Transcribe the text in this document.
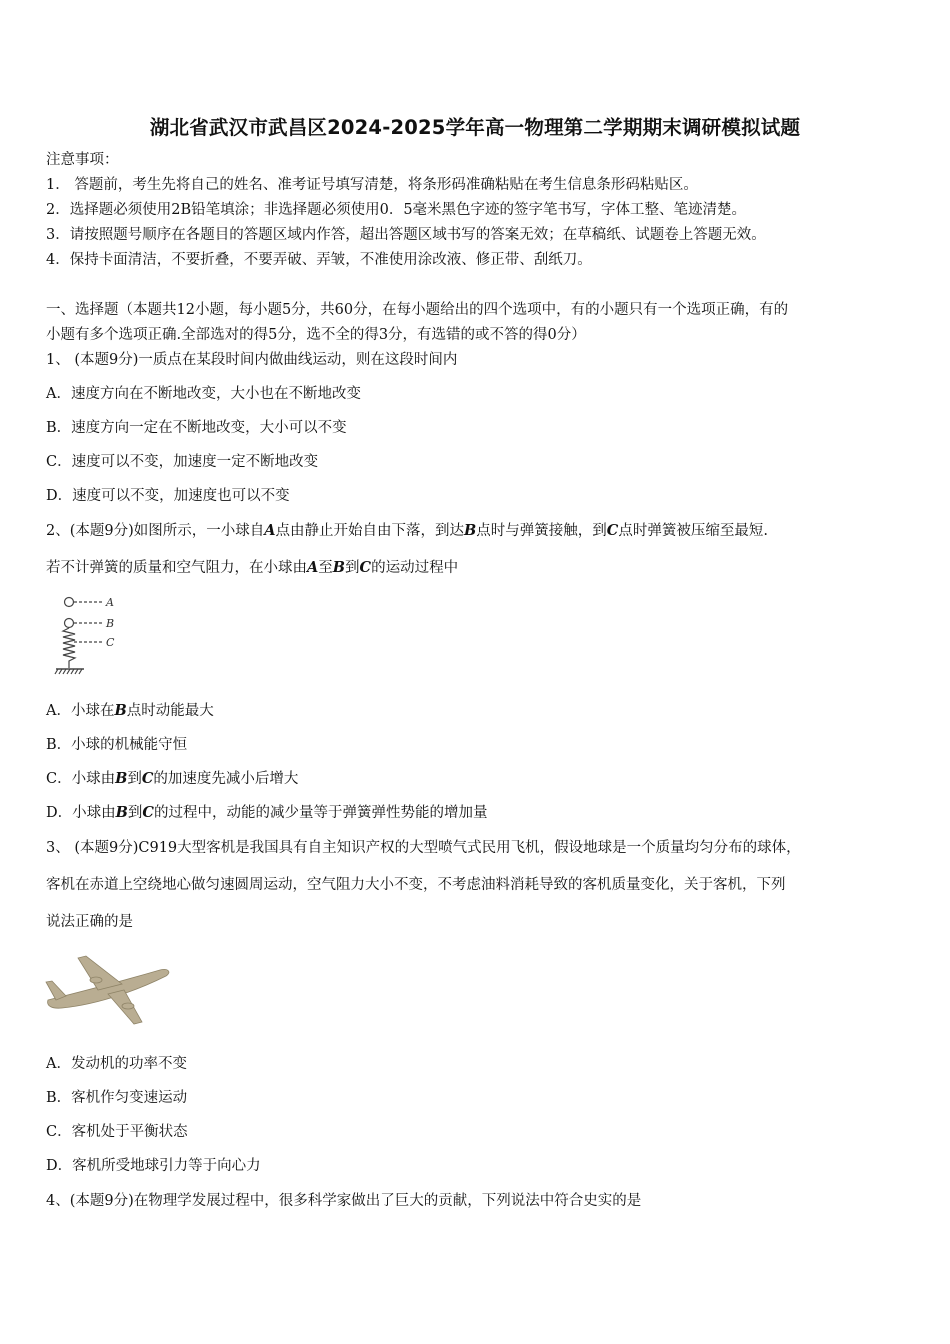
湖北省武汉市武昌区2024-2025学年高一物理第二学期期末调研模拟试题
注意事项：
1． 答题前，考生先将自己的姓名、准考证号填写清楚，将条形码准确粘贴在考生信息条形码粘贴区。
2．选择题必须使用2B铅笔填涂；非选择题必须使用0．5毫米黑色字迹的签字笔书写，字体工整、笔迹清楚。
3．请按照题号顺序在各题目的答题区域内作答，超出答题区域书写的答案无效；在草稿纸、试题卷上答题无效。
4．保持卡面清洁，不要折叠，不要弄破、弄皱，不准使用涂改液、修正带、刮纸刀。
一、选择题（本题共12小题，每小题5分，共60分，在每小题给出的四个选项中，有的小题只有一个选项正确，有的
小题有多个选项正确.全部选对的得5分，选不全的得3分，有选错的或不答的得0分）
1、 (本题9分)一质点在某段时间内做曲线运动，则在这段时间内
A．速度方向在不断地改变，大小也在不断地改变
B．速度方向一定在不断地改变，大小可以不变
C．速度可以不变，加速度一定不断地改变
D．速度可以不变，加速度也可以不变
2、(本题9分)如图所示，一小球自A点由静止开始自由下落，到达B点时与弹簧接触，到C点时弹簧被压缩至最短.
若不计弹簧的质量和空气阻力，在小球由A至B到C的运动过程中
A
B
C
A．小球在B点时动能最大
B．小球的机械能守恒
C．小球由B到C的加速度先减小后增大
D．小球由B到C的过程中，动能的减少量等于弹簧弹性势能的增加量
3、 (本题9分)C919大型客机是我国具有自主知识产权的大型喷气式民用飞机，假设地球是一个质量均匀分布的球体，
客机在赤道上空绕地心做匀速圆周运动，空气阻力大小不变，不考虑油料消耗导致的客机质量变化，关于客机，下列
说法正确的是
A．发动机的功率不变
B．客机作匀变速运动
C．客机处于平衡状态
D．客机所受地球引力等于向心力
4、(本题9分)在物理学发展过程中，很多科学家做出了巨大的贡献，下列说法中符合史实的是
